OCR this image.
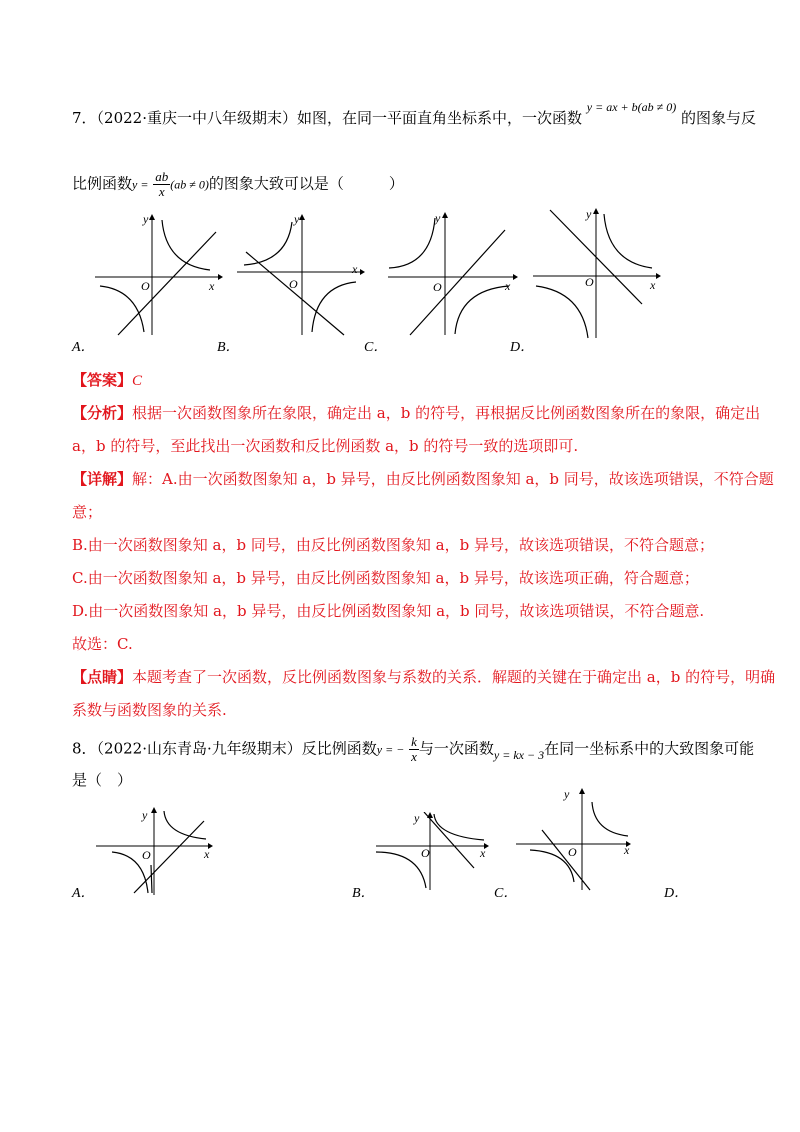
7．（2022·重庆一中八年级期末）如图，在同一平面直角坐标系中，一次函数 $^{y = ax + b(ab \ne 0)}$ 的图象与反
比例函数$y = \frac{ab}{x} (ab \ne 0)$的图象大致可以是（　　　）
x
y
O
A．
x
y
O
B．
x
y
O
C．
x
y
O
D．
【答案】C
【分析】根据一次函数图象所在象限，确定出 a，b 的符号，再根据反比例函数图象所在的象限，确定出
a，b 的符号，至此找出一次函数和反比例函数 a，b 的符号一致的选项即可.
【详解】解：A.由一次函数图象知 a，b 异号，由反比例函数图象知 a，b 同号，故该选项错误，不符合题
意；
B.由一次函数图象知 a，b 同号，由反比例函数图象知 a，b 异号，故该选项错误，不符合题意；
C.由一次函数图象知 a，b 异号，由反比例函数图象知 a，b 异号，故该选项正确，符合题意；
D.由一次函数图象知 a，b 异号，由反比例函数图象知 a，b 同号，故该选项错误，不符合题意.
故选：C.
【点睛】本题考查了一次函数，反比例函数图象与系数的关系．解题的关键在于确定出 a，b 的符号，明确
系数与函数图象的关系.
8．（2022·山东青岛·九年级期末）反比例函数y = − $\frac{k}{x}$ 与一次函数$_{y = kx - 3}$在同一坐标系中的大致图象可能
是（　）
x
y
O
A．
x
y
O
B．
x
y
O
C．	D．
